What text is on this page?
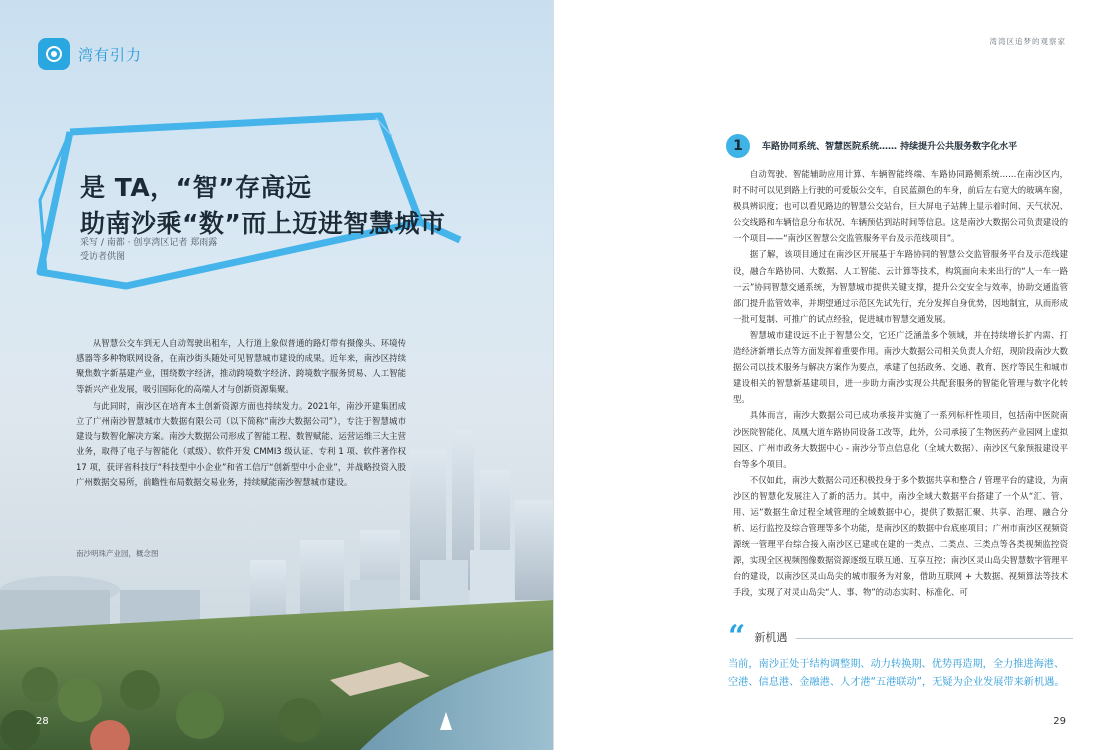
湾有引力
是 TA，“智”存高远
助南沙乘“数”而上迈进智慧城市
采写 / 南都 · 创享湾区记者 郑雨露
受访者供图
南沙明珠产业园，概念图

从智慧公交车到无人自动驾驶出租车，人行道上象似普通的路灯带有摄像头、环境传感器等多种物联网设备，在南沙街头随处可见智慧城市建设的成果。近年来，南沙区持续聚焦数字新基建产业，围绕数字经济，推动跨境数字经济、跨境数字服务贸易、人工智能等新兴产业发展，吸引国际化的高端人才与创新资源集聚。

与此同时，南沙区在培育本土创新资源方面也持续发力。2021年，南沙开建集团成立了广州南沙智慧城市大数据有限公司（以下简称“南沙大数据公司”），专注于智慧城市建设与数智化解决方案。南沙大数据公司形成了智能工程、数智赋能、运营运维三大主营业务，取得了电子与智能化（贰级）、软件开发 CMMI3 级认证、专利 1 项、软件著作权 17 项，获评省科技厅“科技型中小企业”和省工信厅“创新型中小企业”，并战略投资入股广州数据交易所，前瞻性布局数据交易业务，持续赋能南沙智慧城市建设。

28
湾湾区追梦的观察家
1	车路协同系统、智慧医院系统…… 持续提升公共服务数字化水平

自动驾驶、智能辅助应用计算、车辆智能终端、车路协同路侧系统……在南沙区内，时不时可以见到路上行驶的可爱版公交车，自民蓝颜色的车身，前后左右宽大的玻璃车窗，极具辨识度；也可以看见路边的智慧公交站台，巨大屏电子站牌上显示着时间、天气状况、公交线路和车辆信息分布状况、车辆预估到站时间等信息。这是南沙大数据公司负责建设的一个项目——“南沙区智慧公交监管服务平台及示范线项目”。

据了解，该项目通过在南沙区开展基于车路协同的智慧公交监管服务平台及示范线建设，融合车路协同、大数据、人工智能、云计算等技术，构筑面向未来出行的“人一车一路一云”协同智慧交通系统，为智慧城市提供关键支撑，提升公交安全与效率，协助交通监管部门提升监管效率，并期望通过示范区先试先行，充分发挥自身优势，因地制宜，从而形成一批可复制、可推广的试点经验，促进城市智慧交通发展。

智慧城市建设远不止于智慧公交，它还广泛涵盖多个领域，并在持续增长扩内需、打造经济新增长点等方面发挥着重要作用。南沙大数据公司相关负责人介绍，现阶段南沙大数据公司以技术服务与解决方案作为要点，承建了包括政务、交通、教育、医疗等民生和城市建设相关的智慧新基建项目，进一步助力南沙实现公共配套服务的智能化管理与数字化转型。

具体而言，南沙大数据公司已成功承接并实施了一系列标杆性项目，包括南中医院南沙医院智能化、凤凰大道车路协同设备工改等，此外，公司承接了生物医药产业园网上虚拟园区、广州市政务大数据中心 - 南沙分节点信息化（全域大数据）、南沙区气象预报建设平台等多个项目。

不仅如此，南沙大数据公司还积极投身于多个数据共享和整合 / 管理平台的建设，为南沙区的智慧化发展注入了新的活力。其中，南沙全域大数据平台搭建了一个从“汇、管、用、运”数据生命过程全域管理的全域数据中心，提供了数据汇聚、共享、治理、融合分析、运行监控及综合管理等多个功能，是南沙区的数据中台底座项目；广州市南沙区视频资源统一管理平台综合接入南沙区已建或在建的一类点、二类点、三类点等各类视频监控资源，实现全区视频图像数据资源逐级互联互通、互享互控；南沙区灵山岛尖智慧数字管理平台的建设，以南沙区灵山岛尖的城市服务为对象，借助互联网 + 大数据、视频算法等技术手段，实现了对灵山岛尖“人、事、物”的动态实时、标准化、可

“ 新机遇
当前，南沙正处于结构调整期、动力转换期、优势再造期，全力推进海港、空港、信息港、金融港、人才港“五港联动”，无疑为企业发展带来新机遇。
29
